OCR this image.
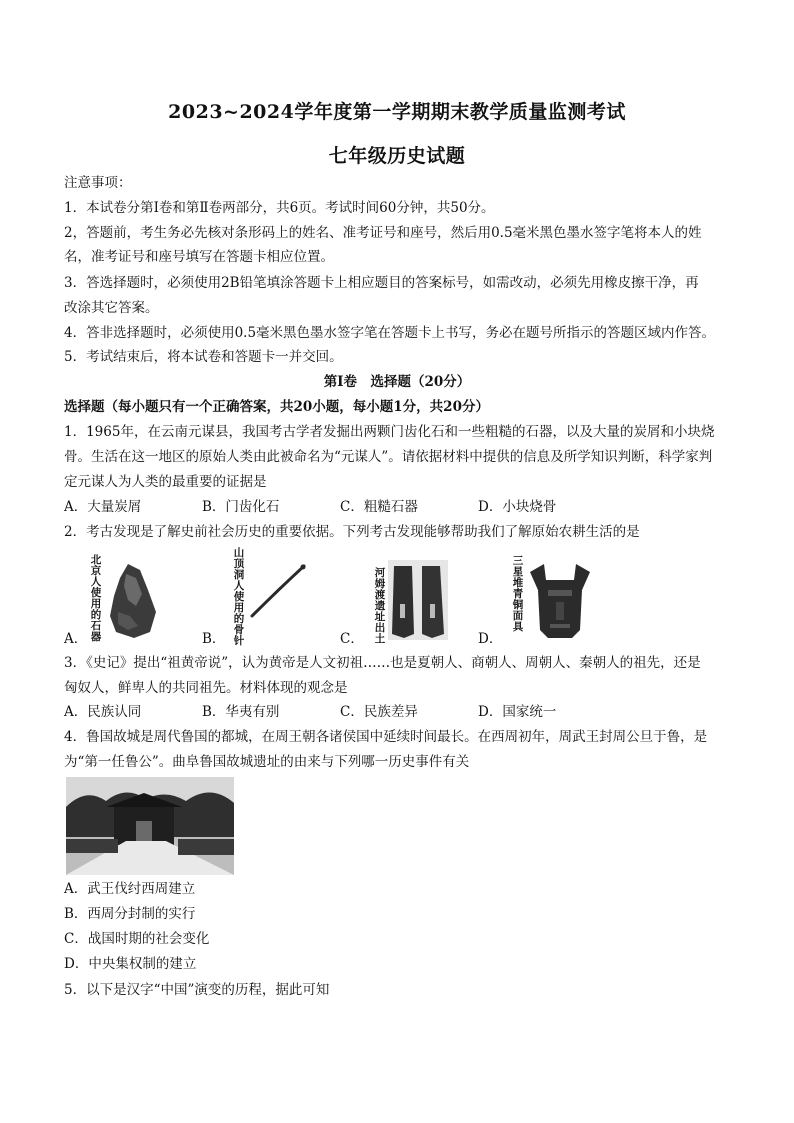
2023~2024学年度第一学期期末教学质量监测考试
七年级历史试题
注意事项：
1．本试卷分第Ⅰ卷和第Ⅱ卷两部分，共6页。考试时间60分钟，共50分。
2，答题前，考生务必先核对条形码上的姓名、准考证号和座号，然后用0.5毫米黑色墨水签字笔将本人的姓
名，准考证号和座号填写在答题卡相应位置。
3．答选择题时，必须使用2B铅笔填涂答题卡上相应题目的答案标号，如需改动，必须先用橡皮擦干净，再
改涂其它答案。
4．答非选择题时，必须使用0.5毫米黑色墨水签字笔在答题卡上书写，务必在题号所指示的答题区域内作答。
5．考试结束后，将本试卷和答题卡一并交回。
第Ⅰ卷　选择题（20分）
选择题（每小题只有一个正确答案，共20小题，每小题1分，共20分）
1．1965年，在云南元谋县，我国考古学者发掘出两颗门齿化石和一些粗糙的石器，以及大量的炭屑和小块烧
骨。生活在这一地区的原始人类由此被命名为“元谋人”。请依据材料中提供的信息及所学知识判断，科学家判
定元谋人为人类的最重要的证据是
A．大量炭屑	B．门齿化石	C．粗糙石器	D．小块烧骨
2．考古发现是了解史前社会历史的重要依据。下列考古发现能够帮助我们了解原始农耕生活的是
A．
北京人使用的石器	B．
山顶洞人使用的骨针	C．
河姆渡遗址出土	D．
三星堆青铜面具
3．《史记》提出“祖黄帝说”，认为黄帝是人文初祖……也是夏朝人、商朝人、周朝人、秦朝人的祖先，还是
匈奴人，鲜卑人的共同祖先。材料体现的观念是
A．民族认同	B．华夷有别	C．民族差异	D．国家统一
4．鲁国故城是周代鲁国的都城，在周王朝各诸侯国中延续时间最长。在西周初年，周武王封周公旦于鲁，是
为“第一任鲁公”。曲阜鲁国故城遗址的由来与下列哪一历史事件有关
A．武王伐纣西周建立
B．西周分封制的实行
C．战国时期的社会变化
D．中央集权制的建立
5．以下是汉字“中国”演变的历程，据此可知
